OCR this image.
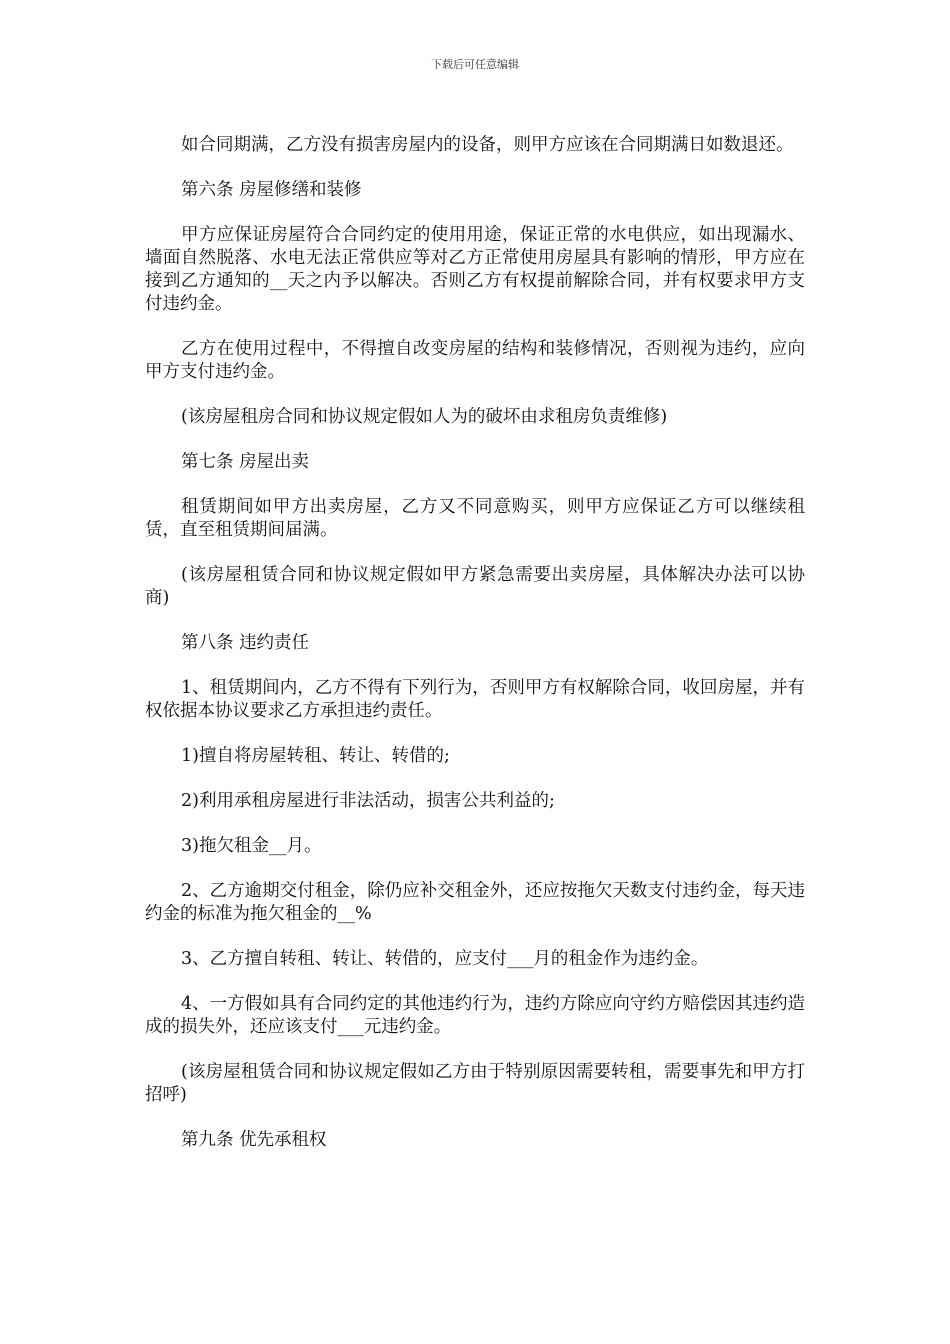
下载后可任意编辑

如合同期满，乙方没有损害房屋内的设备，则甲方应该在合同期满日如数退还。

第六条 房屋修缮和装修

甲方应保证房屋符合合同约定的使用用途，保证正常的水电供应，如出现漏水、墙面自然脱落、水电无法正常供应等对乙方正常使用房屋具有影响的情形，甲方应在接到乙方通知的__天之内予以解决。否则乙方有权提前解除合同，并有权要求甲方支付违约金。

乙方在使用过程中，不得擅自改变房屋的结构和装修情况，否则视为违约，应向甲方支付违约金。

(该房屋租房合同和协议规定假如人为的破坏由求租房负责维修)

第七条 房屋出卖

租赁期间如甲方出卖房屋，乙方又不同意购买，则甲方应保证乙方可以继续租赁，直至租赁期间届满。

(该房屋租赁合同和协议规定假如甲方紧急需要出卖房屋，具体解决办法可以协商)

第八条 违约责任

1、租赁期间内，乙方不得有下列行为，否则甲方有权解除合同，收回房屋，并有权依据本协议要求乙方承担违约责任。

1)擅自将房屋转租、转让、转借的;

2)利用承租房屋进行非法活动，损害公共利益的;

3)拖欠租金__月。

2、乙方逾期交付租金，除仍应补交租金外，还应按拖欠天数支付违约金，每天违约金的标准为拖欠租金的__%

3、乙方擅自转租、转让、转借的，应支付___月的租金作为违约金。

4、一方假如具有合同约定的其他违约行为，违约方除应向守约方赔偿因其违约造成的损失外，还应该支付___元违约金。

(该房屋租赁合同和协议规定假如乙方由于特别原因需要转租，需要事先和甲方打招呼)

第九条 优先承租权
